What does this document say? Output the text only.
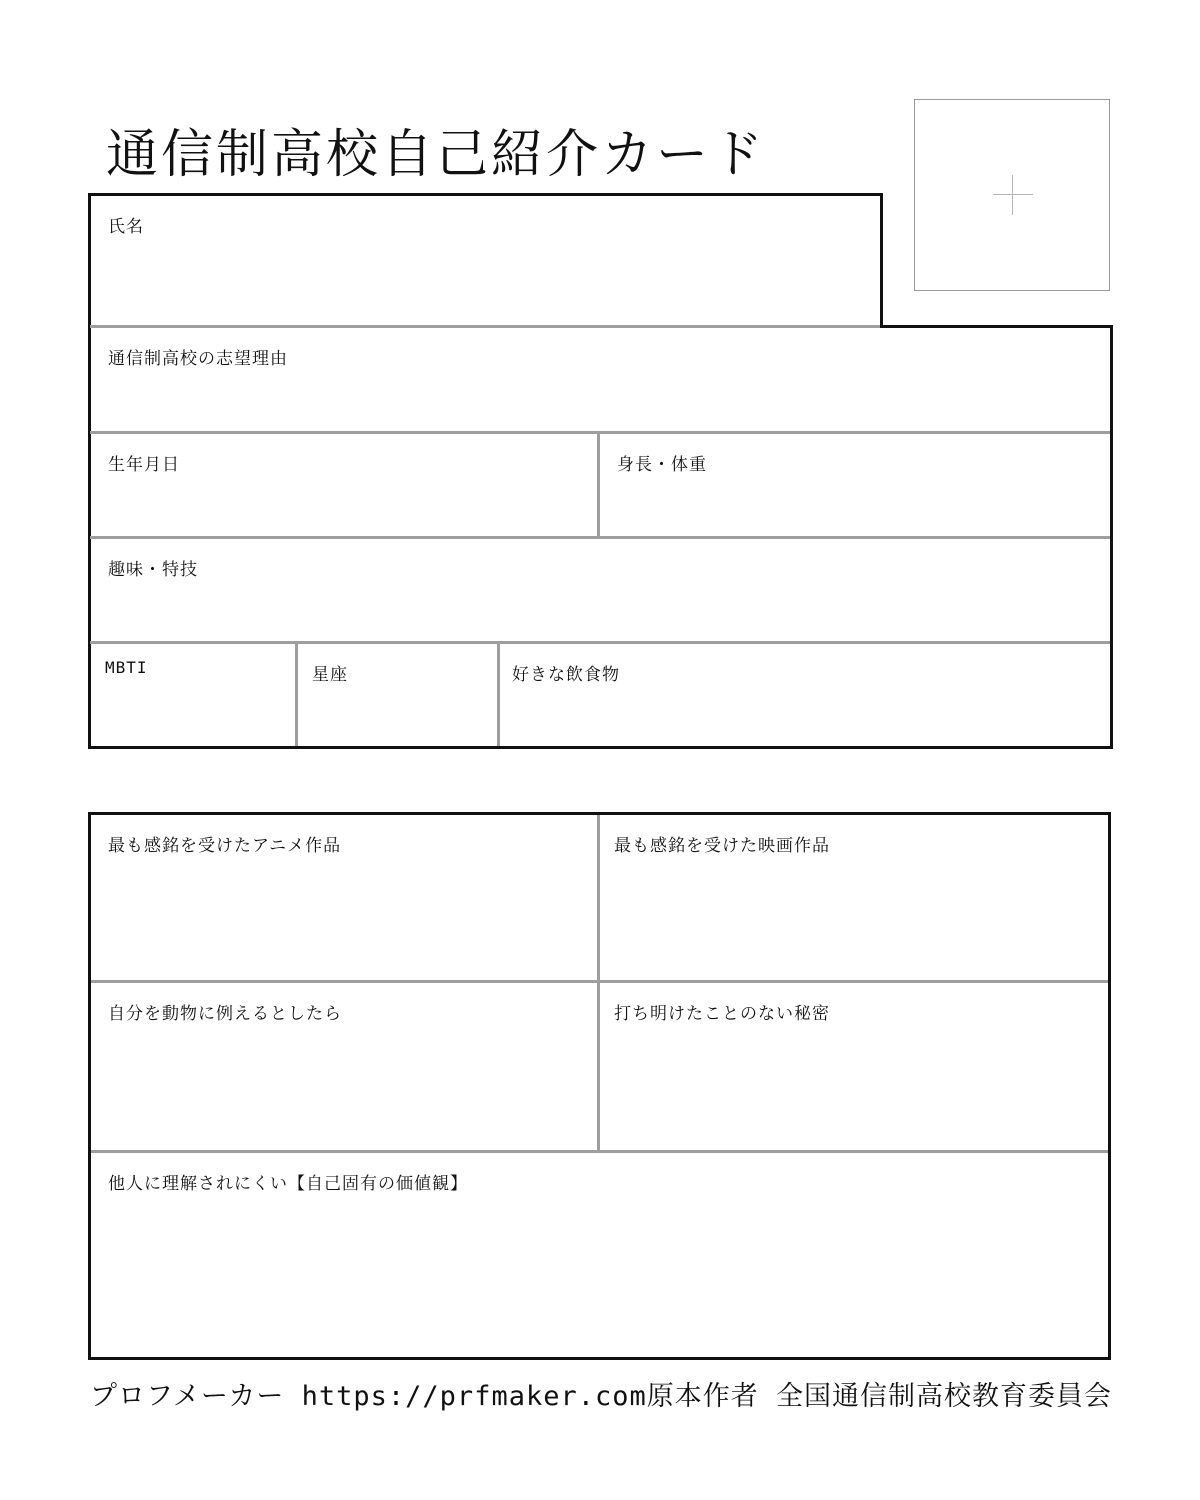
通信制高校自己紹介カード
氏名
通信制高校の志望理由
生年月日	身長・体重
趣味・特技
MBTI	星座	好きな飲食物
最も感銘を受けたアニメ作品	最も感銘を受けた映画作品
自分を動物に例えるとしたら	打ち明けたことのない秘密
他人に理解されにくい【自己固有の価値観】
プロフメーカー https://prfmaker.com原本作者 全国通信制高校教育委員会
